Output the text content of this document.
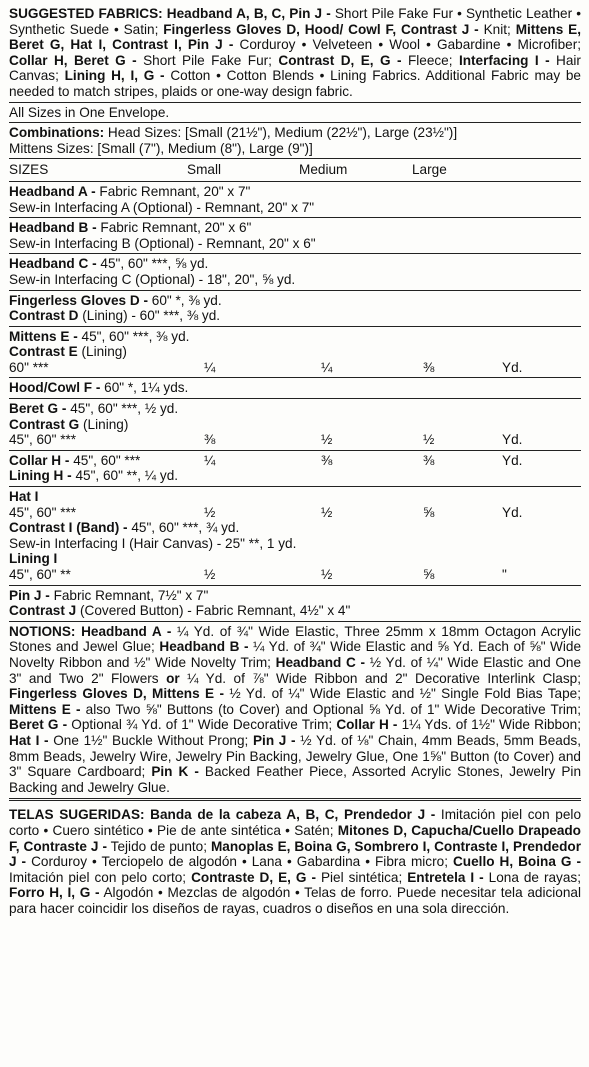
SUGGESTED FABRICS: Headband A, B, C, Pin J - Short Pile Fake Fur • Synthetic Leather • Synthetic Suede • Satin; Fingerless Gloves D, Hood/ Cowl F, Contrast J - Knit; Mittens E, Beret G, Hat I, Contrast I, Pin J - Corduroy • Velveteen • Wool • Gabardine • Microfiber; Collar H, Beret G - Short Pile Fake Fur; Contrast D, E, G - Fleece; Interfacing I - Hair Canvas; Lining H, I, G - Cotton • Cotton Blends • Lining Fabrics. Additional Fabric may be needed to match stripes, plaids or one-way design fabric.
All Sizes in One Envelope.
Combinations: Head Sizes: [Small (21½"), Medium (22½"), Large (23½")]
Mittens Sizes: [Small (7"), Medium (8"), Large (9")]
SIZES	Small	Medium	Large
Headband A - Fabric Remnant, 20" x 7"
Sew-in Interfacing A (Optional) - Remnant, 20" x 7"
Headband B - Fabric Remnant, 20" x 6"
Sew-in Interfacing B (Optional) - Remnant, 20" x 6"
Headband C - 45", 60" ***, ⅝ yd.
Sew-in Interfacing C (Optional) - 18", 20", ⅝ yd.
Fingerless Gloves D - 60" *, ⅜ yd.
Contrast D (Lining) - 60" ***, ⅜ yd.
Mittens E - 45", 60" ***, ⅜ yd.
Contrast E (Lining)
60" ***	¼	¼	⅜	Yd.
Hood/Cowl F - 60" *, 1¼ yds.
Beret G - 45", 60" ***, ½ yd.
Contrast G (Lining)
45", 60" ***	⅜	½	½	Yd.
Collar H - 45", 60" ***	¼	⅜	⅜	Yd.
Lining H - 45", 60" **, ¼ yd.
Hat I
45", 60" ***	½	½	⅝	Yd.
Contrast I (Band) - 45", 60" ***, ¾ yd.
Sew-in Interfacing I (Hair Canvas) - 25" **, 1 yd.
Lining I
45", 60" **	½	½	⅝	"
Pin J - Fabric Remnant, 7½" x 7"
Contrast J (Covered Button) - Fabric Remnant, 4½" x 4"
NOTIONS: Headband A - ¼ Yd. of ¾" Wide Elastic, Three 25mm x 18mm Octagon Acrylic Stones and Jewel Glue; Headband B - ¼ Yd. of ¾" Wide Elastic and ⅝ Yd. Each of ⅝" Wide Novelty Ribbon and ½" Wide Novelty Trim; Headband C - ½ Yd. of ¼" Wide Elastic and One 3" and Two 2" Flowers or ¼ Yd. of ⅞" Wide Ribbon and 2" Decorative Interlink Clasp; Fingerless Gloves D, Mittens E - ½ Yd. of ¼" Wide Elastic and ½" Single Fold Bias Tape; Mittens E - also Two ⅝" Buttons (to Cover) and Optional ⅝ Yd. of 1" Wide Decorative Trim; Beret G - Optional ¾ Yd. of 1" Wide Decorative Trim; Collar H - 1¼ Yds. of 1½" Wide Ribbon; Hat I - One 1½" Buckle Without Prong; Pin J - ½ Yd. of ⅛" Chain, 4mm Beads, 5mm Beads, 8mm Beads, Jewelry Wire, Jewelry Pin Backing, Jewelry Glue, One 1⅝" Button (to Cover) and 3" Square Cardboard; Pin K - Backed Feather Piece, Assorted Acrylic Stones, Jewelry Pin Backing and Jewelry Glue.
TELAS SUGERIDAS: Banda de la cabeza A, B, C, Prendedor J - Imitación piel con pelo corto • Cuero sintético • Pie de ante sintética • Satén; Mitones D, Capucha/Cuello Drapeado F, Contraste J - Tejido de punto; Manoplas E, Boina G, Sombrero I, Contraste I, Prendedor J - Corduroy • Terciopelo de algodón • Lana • Gabardina • Fibra micro; Cuello H, Boina G - Imitación piel con pelo corto; Contraste D, E, G - Piel sintética; Entretela I - Lona de rayas; Forro H, I, G - Algodón • Mezclas de algodón • Telas de forro. Puede necesitar tela adicional para hacer coincidir los diseños de rayas, cuadros o diseños en una sola dirección.
